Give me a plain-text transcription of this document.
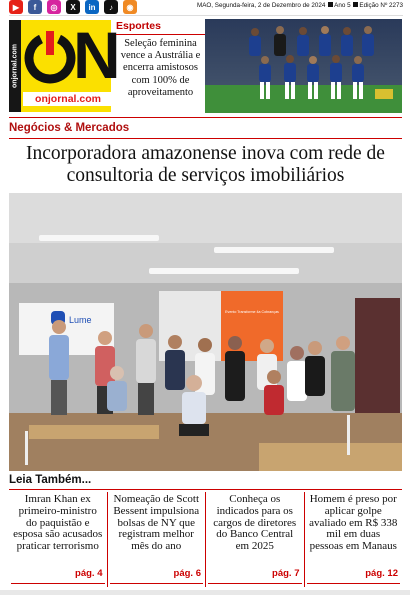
▶	f	◎	X	in	♪	◉	MAO, Segunda-feira, 2 de Dezembro de 2024 Ano 5 Edição Nº 2273
onjornal.com N
onjornal.com
Esportes
Seleção feminina vence a Austrália e encerra amistosos com 100% de aproveitamento
Negócios & Mercados
Incorporadora amazonense inova com rede de consultoria de serviços imobiliários
Lume
Evento Transforme 4a Cobranças
Leia Também...
Imran Khan ex primeiro-ministro do paquistão e esposa são acusados praticar terrorismo
pág. 4
Nomeação de Scott Bessent impulsiona bolsas de NY que registram melhor mês do ano
pág. 6
Conheça os indicados para os cargos de diretores do Banco Central em 2025
pág. 7
Homem é preso por aplicar golpe avaliado em R$ 338 mil em duas pessoas em Manaus
pág. 12
